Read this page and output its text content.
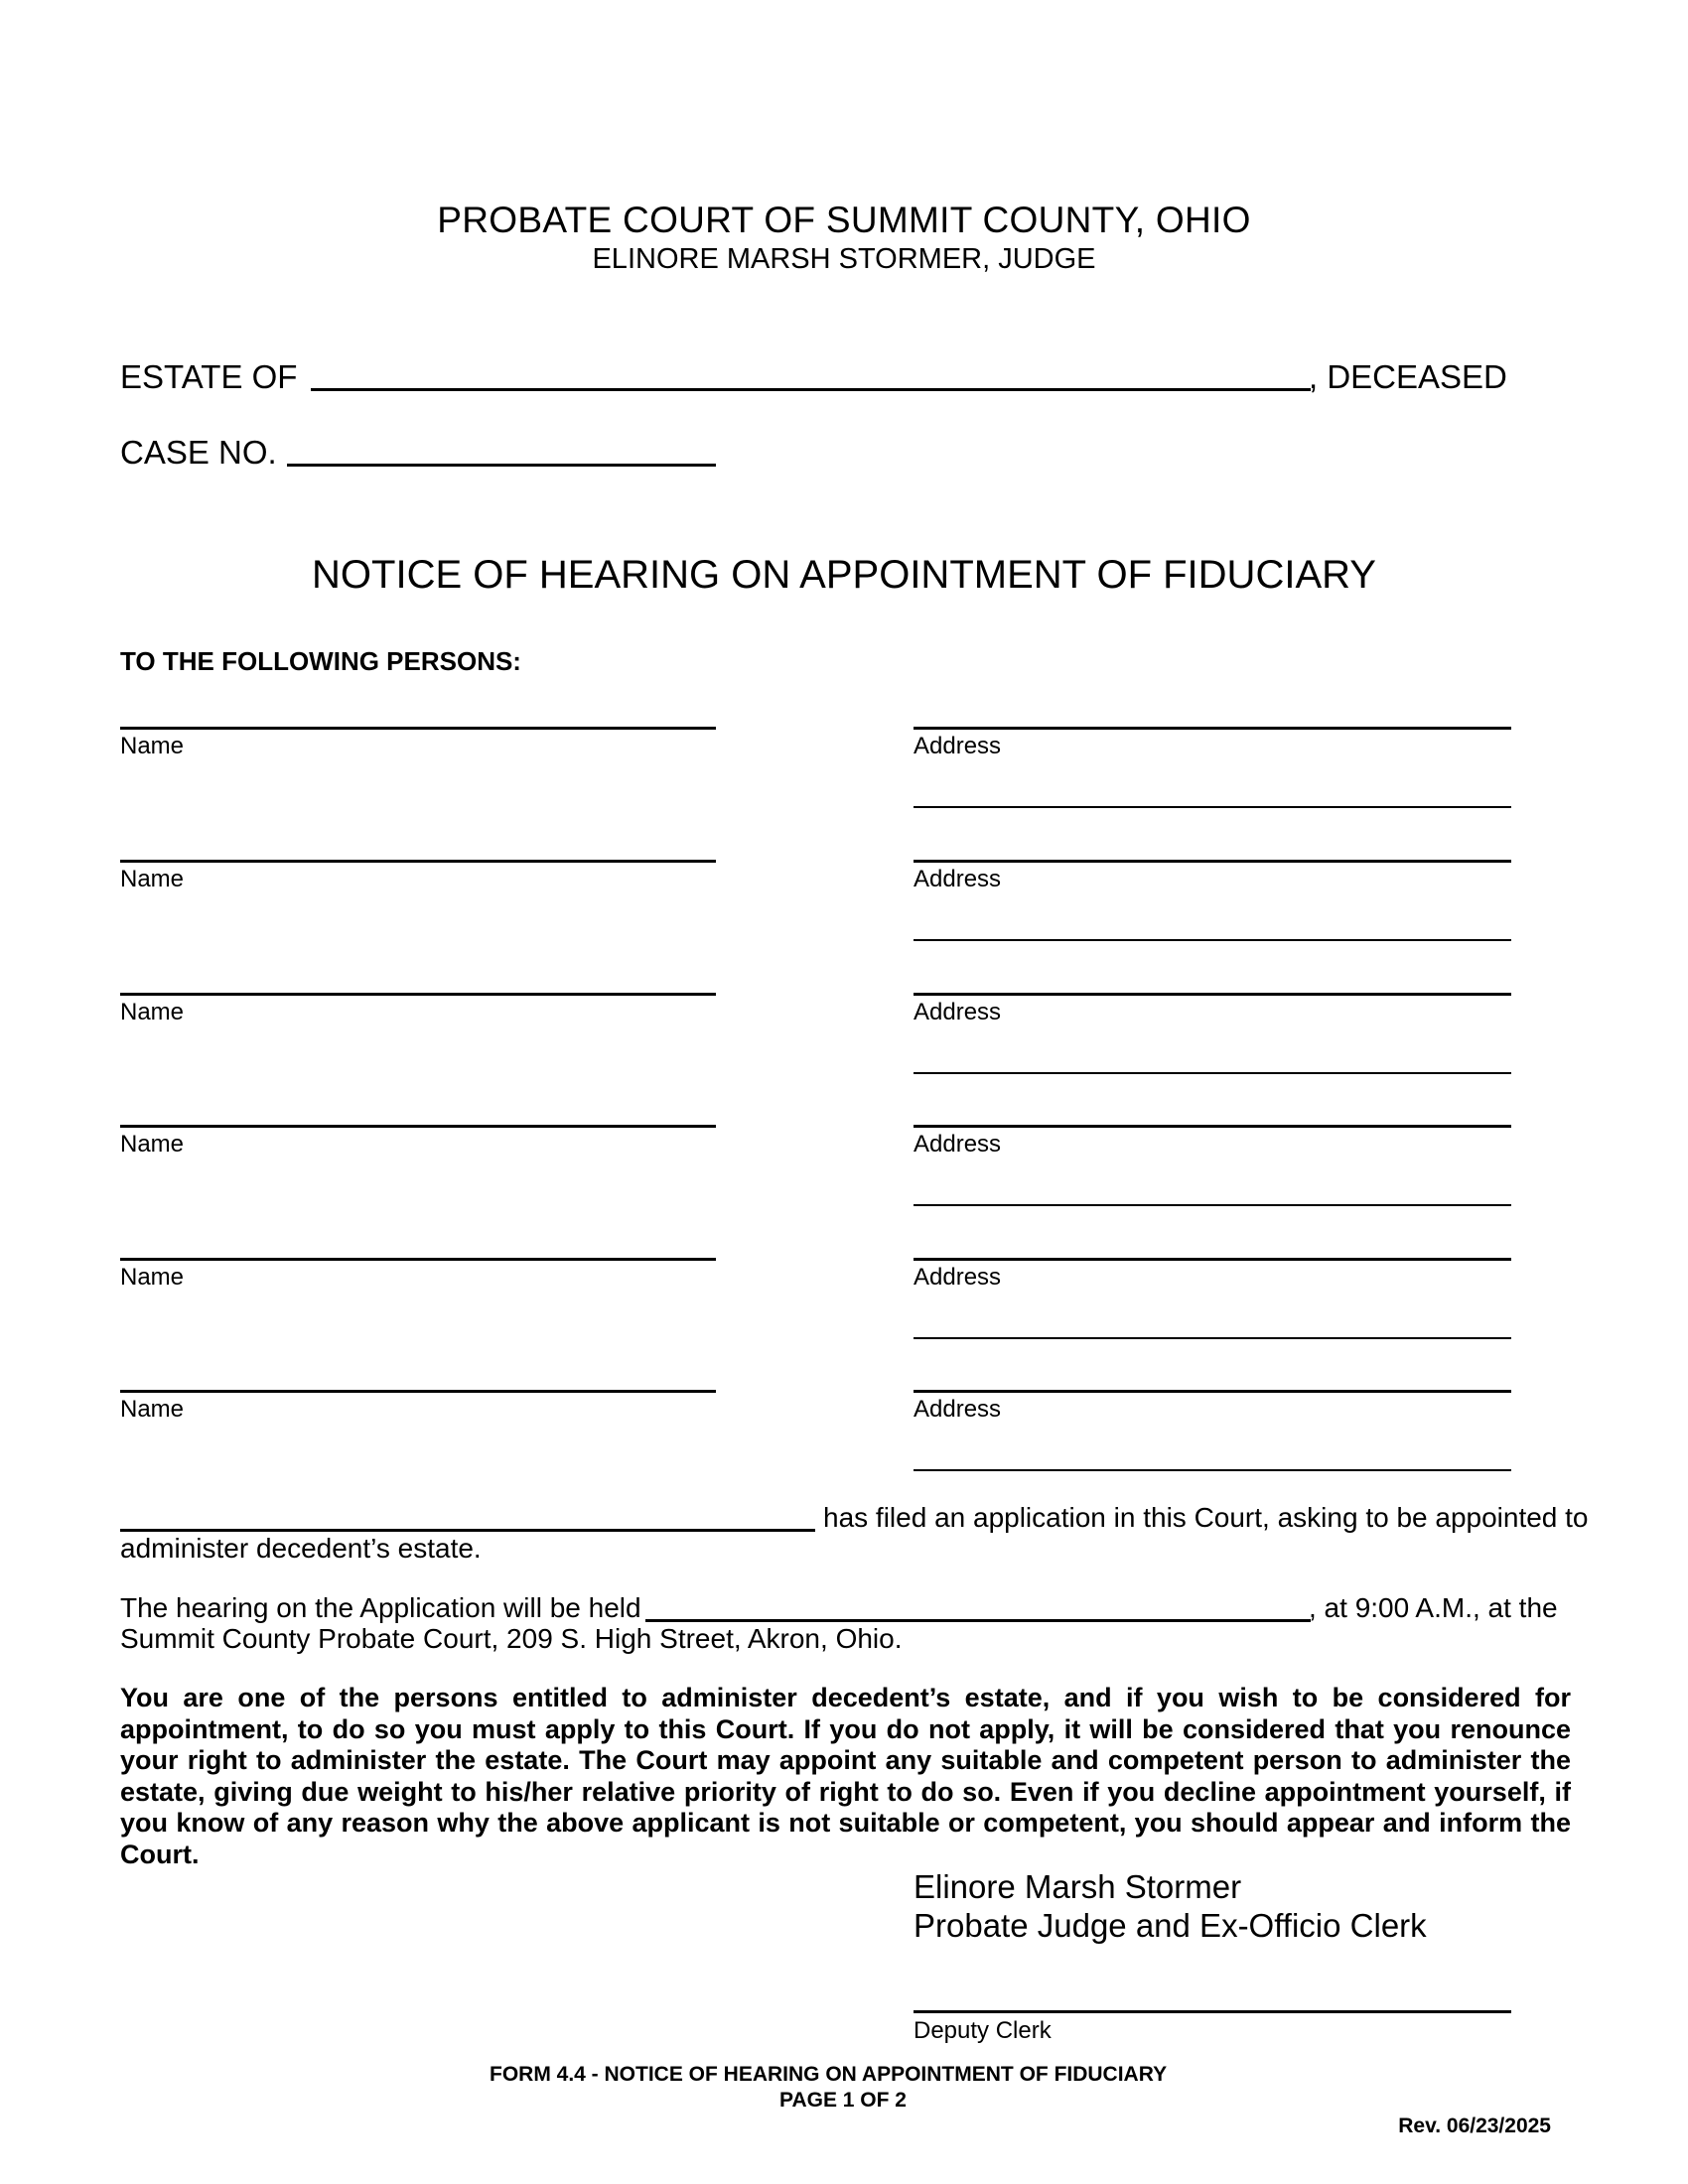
PROBATE COURT OF SUMMIT COUNTY, OHIO
ELINORE MARSH STORMER, JUDGE
ESTATE OF	, DECEASED
CASE NO.
NOTICE OF HEARING ON APPOINTMENT OF FIDUCIARY
TO THE FOLLOWING PERSONS:
Name	Address
Name	Address
Name	Address
Name	Address
Name	Address
Name	Address
has filed an application in this Court, asking to be appointed to
administer decedent’s estate.
The hearing on the Application will be held	, at 9:00 A.M., at the
Summit County Probate Court, 209 S. High Street, Akron, Ohio.
You are one of the persons entitled to administer decedent’s estate, and if you wish to be considered for appointment, to do so you must apply to this Court. If you do not apply, it will be considered that you renounce your right to administer the estate. The Court may appoint any suitable and competent person to administer the estate, giving due weight to his/her relative priority of right to do so. Even if you decline appointment yourself, if you know of any reason why the above applicant is not suitable or competent, you should appear and inform the Court.
Elinore Marsh Stormer
Probate Judge and Ex-Officio Clerk
Deputy Clerk
FORM 4.4 - NOTICE OF HEARING ON APPOINTMENT OF FIDUCIARY
PAGE 1 OF 2
Rev. 06/23/2025
